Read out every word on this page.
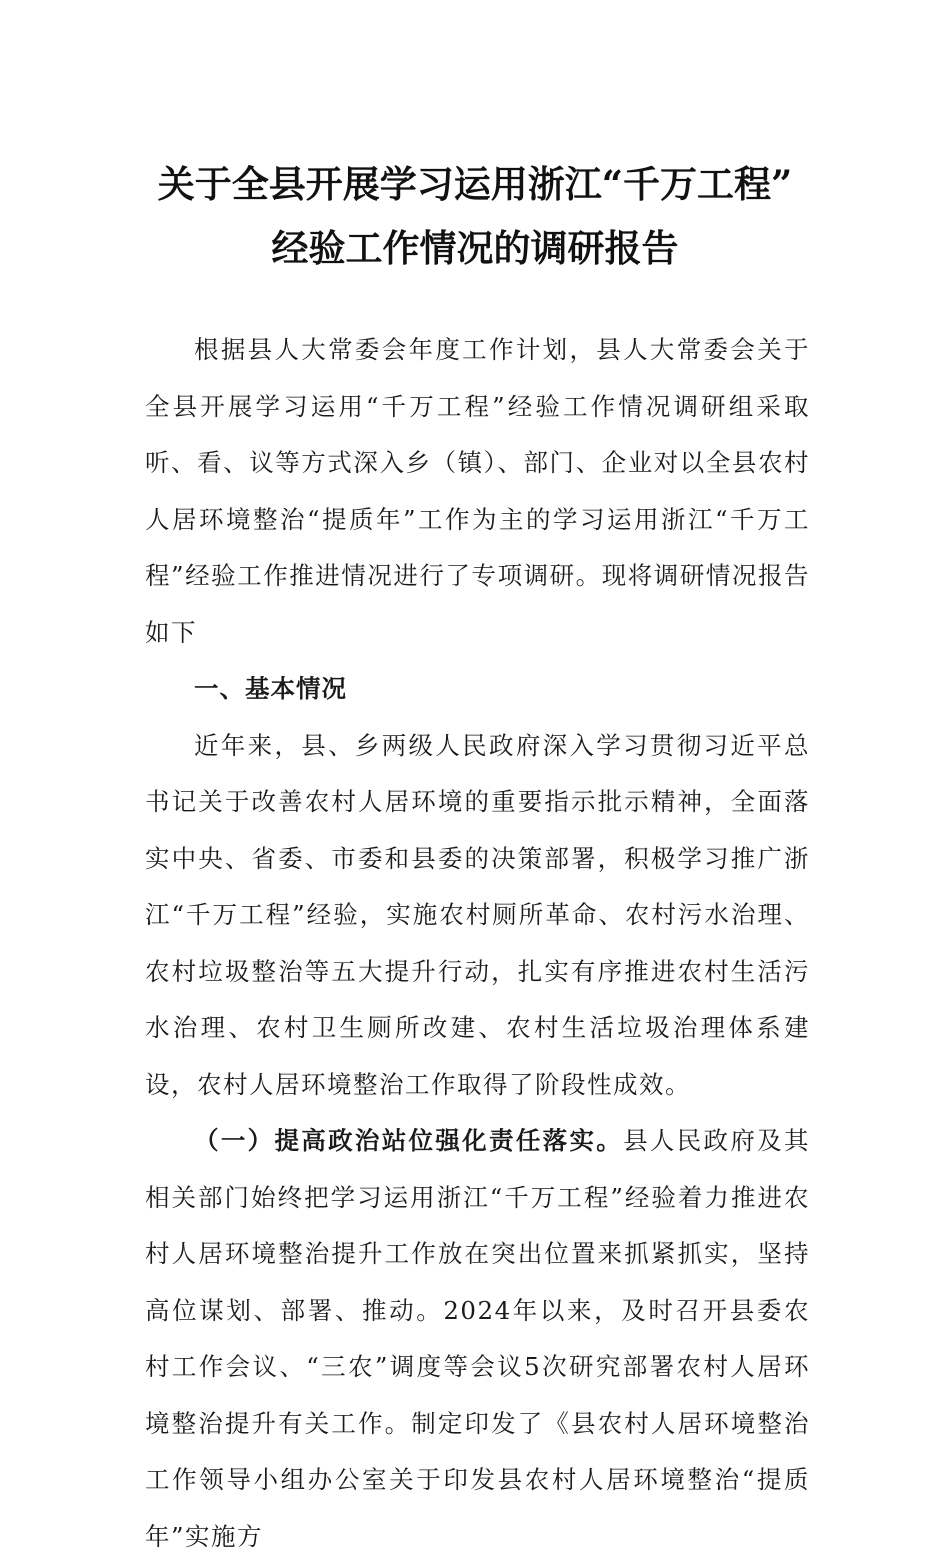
关于全县开展学习运用浙江“千万工程”
经验工作情况的调研报告

根据县人大常委会年度工作计划，县人大常委会关于全县开展学习运用“千万工程”经验工作情况调研组采取听、看、议等方式深入乡（镇）、部门、企业对以全县农村人居环境整治“提质年”工作为主的学习运用浙江“千万工程”经验工作推进情况进行了专项调研。现将调研情况报告如下

一、基本情况

近年来，县、乡两级人民政府深入学习贯彻习近平总书记关于改善农村人居环境的重要指示批示精神，全面落实中央、省委、市委和县委的决策部署，积极学习推广浙江“千万工程”经验，实施农村厕所革命、农村污水治理、农村垃圾整治等五大提升行动，扎实有序推进农村生活污水治理、农村卫生厕所改建、农村生活垃圾治理体系建设，农村人居环境整治工作取得了阶段性成效。

（一）提高政治站位强化责任落实。县人民政府及其相关部门始终把学习运用浙江“千万工程”经验着力推进农村人居环境整治提升工作放在突出位置来抓紧抓实，坚持高位谋划、部署、推动。2024年以来，及时召开县委农村工作会议、“三农”调度等会议5次研究部署农村人居环境整治提升有关工作。制定印发了《县农村人居环境整治工作领导小组办公室关于印发县农村人居环境整治“提质年”实施方
